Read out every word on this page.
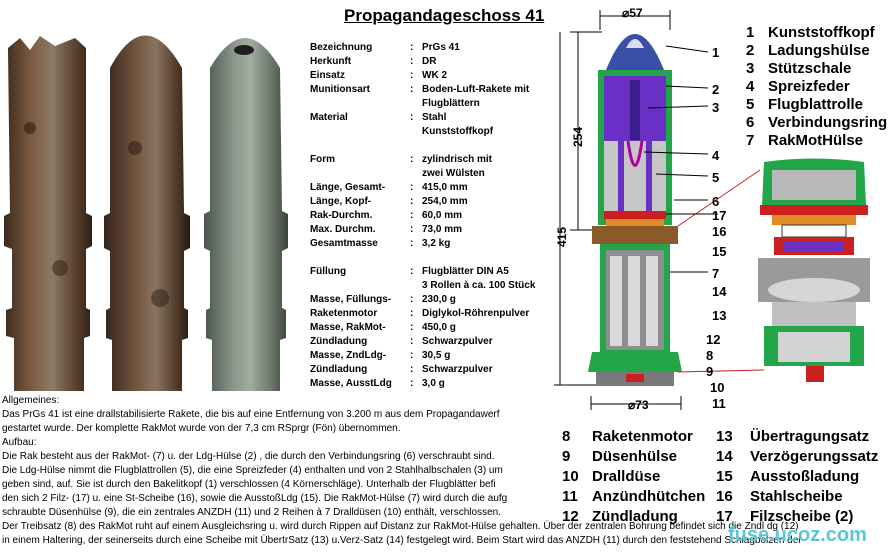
Propagandageschoss 41
Bezeichnung	: PrGs 41
Herkunft	: DR
Einsatz	: WK 2
Munitionsart	: Boden-Luft-Rakete mit
Flugblättern
Material	: Stahl
Kunststoffkopf
Form	: zylindrisch mit
zwei Wülsten
Länge, Gesamt- : 415,0 mm
Länge, Kopf-	: 254,0 mm
Rak-Durchm.	: 60,0 mm
Max. Durchm.	: 73,0 mm
Gesamtmasse	: 3,2 kg
Füllung	: Flugblätter DIN A5
3 Rollen à ca. 100 Stück
Masse, Füllungs- : 230,0 g
Raketenmotor	: Diglykol-Röhrenpulver
Masse, RakMot- : 450,0 g
Zündladung	: Schwarzpulver
Masse, ZndLdg- : 30,5 g
Zündladung	: Schwarzpulver
Masse, AusstLdg : 3,0 g
Allgemeines:
Das PrGs 41 ist eine drallstabilisierte Rakete, die bis auf eine Entfernung von 3.200 m aus dem Propagandawerf
gestartet wurde. Der komplette RakMot wurde von der 7,3 cm RSprgr (Fön) übernommen.
Aufbau:
Die Rak besteht aus der RakMot- (7) u. der Ldg-Hülse (2) , die durch den Verbindungsring (6) verschraubt sind.
Die Ldg-Hülse nimmt die Flugblattrollen (5), die eine Spreizfeder (4) enthalten und von 2 Stahlhalbschalen (3) um
geben sind, auf. Sie ist durch den Bakelitkopf (1) verschlossen (4 Körnerschläge). Unterhalb der Flugblätter befi
den sich 2 Filz- (17) u. eine St-Scheibe (16), sowie die AusstoßLdg (15). Die RakMot-Hülse (7) wird durch die aufg
schraubte Düsenhülse (9), die ein zentrales ANZDH (11) und 2 Reihen à 7 Dralldüsen (10) enthält, verschlossen.
Der Treibsatz (8) des RakMot ruht auf einem Ausgleichsring u. wird durch Rippen auf Distanz zur RakMot-Hülse gehalten. Über der zentralen Bohrung befindet sich die Zndl dg (12)
in einem Haltering, der seinerseits durch eine Scheibe mit ÜbertrSatz (13) u.Verz-Satz (14) festgelegt wird. Beim Start wird das ANZDH (11) durch den feststehend Schlagbolzen der
⌀57
⌀73
254
415
1
2
3
4
5
6
17
16
15
7
14
13
12
8
9
10
11
1 Kunststoffkopf
2 Ladungshülse
3 Stützschale
4 Spreizfeder
5 Flugblattrolle
6 Verbindungsring
7 RakMotHülse
8 Raketenmotor
9 Düsenhülse
10 Dralldüse
11 Anzündhütchen
12 Zündladung
13 Übertragungsatz
14 Verzögerungssatz
15 Ausstoßladung
16 Stahlscheibe
17 Filzscheibe (2)
fuse.ucoz.com
